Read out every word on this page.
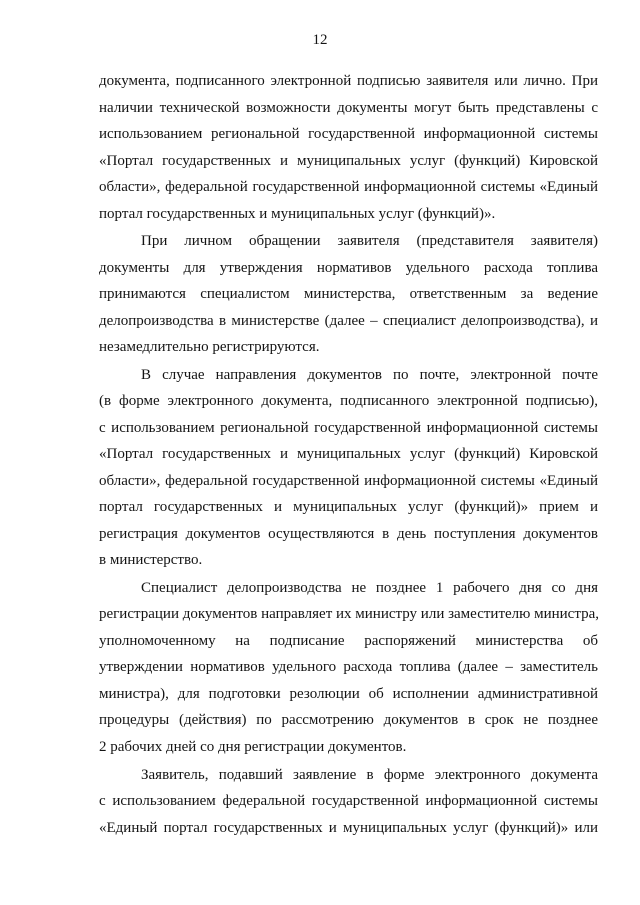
12
документа, подписанного электронной подписью заявителя или лично. При
наличии технической возможности документы могут быть представлены с
использованием региональной государственной информационной системы
«Портал государственных и муниципальных услуг (функций) Кировской
области», федеральной государственной информационной системы «Единый
портал государственных и муниципальных услуг (функций)».
При личном обращении заявителя (представителя заявителя)
документы для утверждения нормативов удельного расхода топлива
принимаются специалистом министерства, ответственным за ведение
делопроизводства в министерстве (далее – специалист делопроизводства), и
незамедлительно регистрируются.
В случае направления документов по почте, электронной почте
(в форме электронного документа, подписанного электронной подписью),
с использованием региональной государственной информационной системы
«Портал государственных и муниципальных услуг (функций) Кировской
области», федеральной государственной информационной системы «Единый
портал государственных и муниципальных услуг (функций)» прием и
регистрация документов осуществляются в день поступления документов
в министерство.
Специалист делопроизводства не позднее 1 рабочего дня со дня
регистрации документов направляет их министру или заместителю министра,
уполномоченному на подписание распоряжений министерства об
утверждении нормативов удельного расхода топлива (далее – заместитель
министра), для подготовки резолюции об исполнении административной
процедуры (действия) по рассмотрению документов в срок не позднее
2 рабочих дней со дня регистрации документов.
Заявитель, подавший заявление в форме электронного документа
с использованием федеральной государственной информационной системы
«Единый портал государственных и муниципальных услуг (функций)» или
